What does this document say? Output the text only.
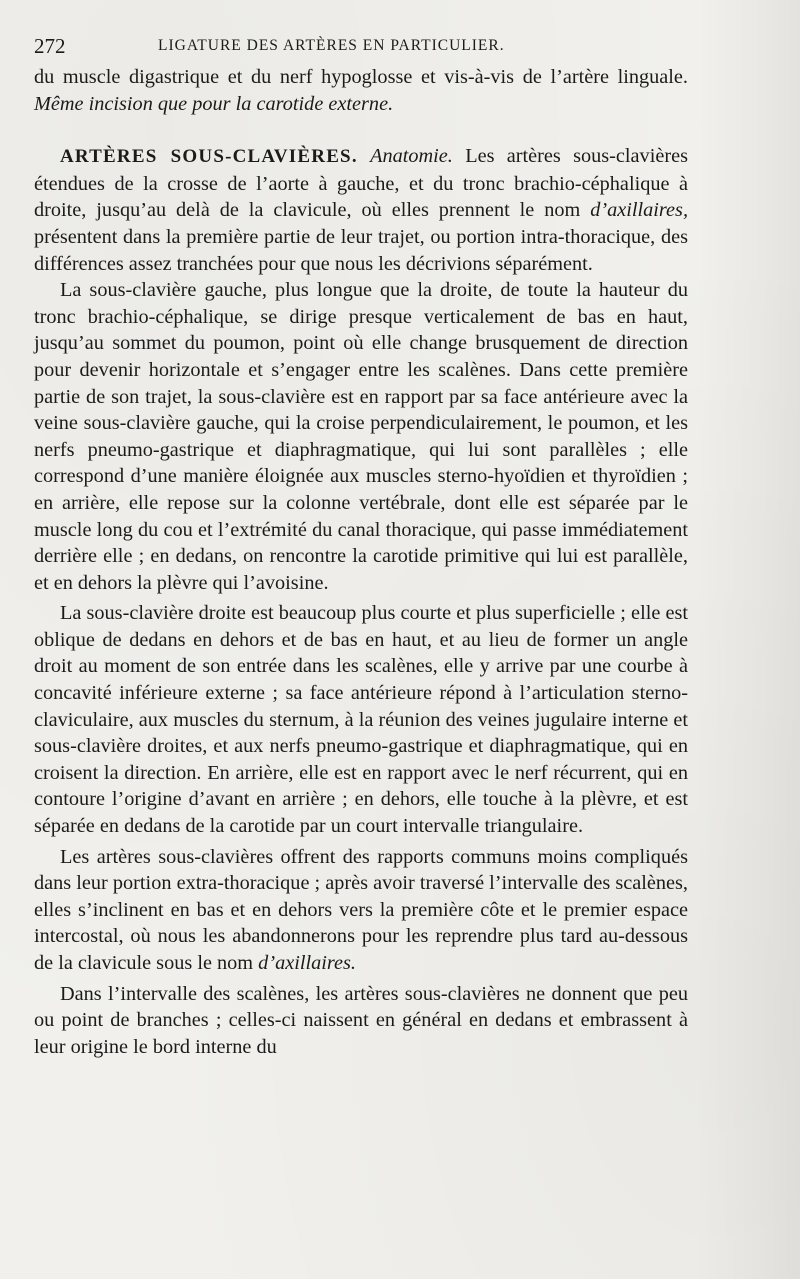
272	LIGATURE DES ARTÈRES EN PARTICULIER.

du muscle digastrique et du nerf hypoglosse et vis-à-vis de l’artère linguale. Même incision que pour la carotide externe.

ARTÈRES SOUS-CLAVIÈRES. Anatomie. Les artères sous-clavières étendues de la crosse de l’aorte à gauche, et du tronc brachio-céphalique à droite, jusqu’au delà de la clavicule, où elles prennent le nom d’axillaires, présentent dans la première partie de leur trajet, ou portion intra-thoracique, des différences assez tranchées pour que nous les décrivions séparément.

La sous-clavière gauche, plus longue que la droite, de toute la hauteur du tronc brachio-céphalique, se dirige presque verticalement de bas en haut, jusqu’au sommet du poumon, point où elle change brusquement de direction pour devenir horizontale et s’engager entre les scalènes. Dans cette première partie de son trajet, la sous-clavière est en rapport par sa face antérieure avec la veine sous-clavière gauche, qui la croise perpendiculairement, le poumon, et les nerfs pneumo-gastrique et diaphragmatique, qui lui sont parallèles ; elle correspond d’une manière éloignée aux muscles sterno-hyoïdien et thyroïdien ; en arrière, elle repose sur la colonne vertébrale, dont elle est séparée par le muscle long du cou et l’extrémité du canal thoracique, qui passe immédiatement derrière elle ; en dedans, on rencontre la carotide primitive qui lui est parallèle, et en dehors la plèvre qui l’avoisine.

La sous-clavière droite est beaucoup plus courte et plus superficielle ; elle est oblique de dedans en dehors et de bas en haut, et au lieu de former un angle droit au moment de son entrée dans les scalènes, elle y arrive par une courbe à concavité inférieure externe ; sa face antérieure répond à l’articulation sterno-claviculaire, aux muscles du sternum, à la réunion des veines jugulaire interne et sous-clavière droites, et aux nerfs pneumo-gastrique et diaphragmatique, qui en croisent la direction. En arrière, elle est en rapport avec le nerf récurrent, qui en contoure l’origine d’avant en arrière ; en dehors, elle touche à la plèvre, et est séparée en dedans de la carotide par un court intervalle triangulaire.

Les artères sous-clavières offrent des rapports communs moins compliqués dans leur portion extra-thoracique ; après avoir traversé l’intervalle des scalènes, elles s’inclinent en bas et en dehors vers la première côte et le premier espace intercostal, où nous les abandonnerons pour les reprendre plus tard au-dessous de la clavicule sous le nom d’axillaires.

Dans l’intervalle des scalènes, les artères sous-clavières ne donnent que peu ou point de branches ; celles-ci naissent en général en dedans et embrassent à leur origine le bord interne du
